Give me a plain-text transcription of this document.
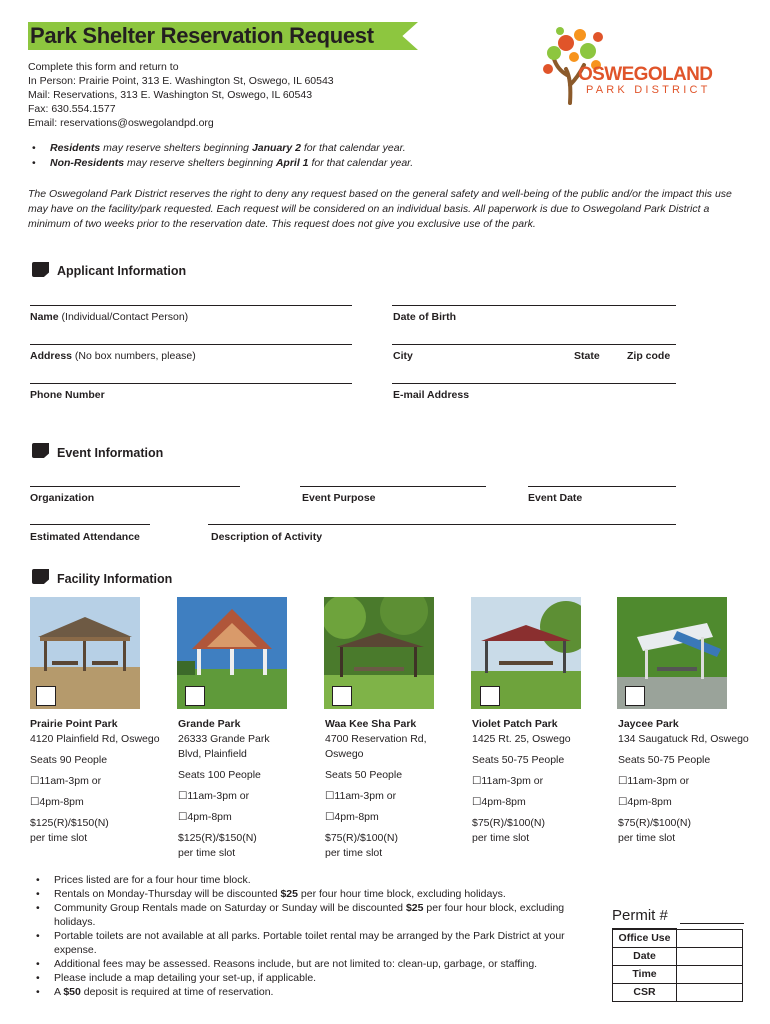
Park Shelter Reservation Request
Complete this form and return to
In Person: Prairie Point, 313 E. Washington St, Oswego, IL 60543
Mail: Reservations, 313 E. Washington St, Oswego, IL 60543
Fax: 630.554.1577
Email: reservations@oswegolandpd.org
OSWEGOLAND
PARK DISTRICT
• Residents may reserve shelters beginning January 2 for that calendar year.
• Non-Residents may reserve shelters beginning April 1 for that calendar year.
The Oswegoland Park District reserves the right to deny any request based on the general safety and well-being of the public and/or the impact this use may have on the facility/park requested. Each request will be considered on an individual basis. All paperwork is due to Oswegoland Park District a minimum of two weeks prior to the reservation date. This request does not give you exclusive use of the park.
Applicant Information
Name (Individual/Contact Person)	Date of Birth
Address (No box numbers, please)	City	State	Zip code
Phone Number	E-mail Address
Event Information
Organization	Event Purpose	Event Date
Estimated Attendance	Description of Activity
Facility Information
Prairie Point Park
4120 Plainfield Rd, Oswego
Seats 90 People
☐11am-3pm or
☐4pm-8pm
$125(R)/$150(N)
per time slot
Grande Park
26333 Grande Park
Blvd, Plainfield
Seats 100 People
☐11am-3pm or
☐4pm-8pm
$125(R)/$150(N)
per time slot
Waa Kee Sha Park
4700 Reservation Rd,
Oswego
Seats 50 People
☐11am-3pm or
☐4pm-8pm
$75(R)/$100(N)
per time slot
Violet Patch Park
1425 Rt. 25, Oswego
Seats 50-75 People
☐11am-3pm or
☐4pm-8pm
$75(R)/$100(N)
per time slot
Jaycee Park
134 Saugatuck Rd, Oswego
Seats 50-75 People
☐11am-3pm or
☐4pm-8pm
$75(R)/$100(N)
per time slot
• Prices listed are for a four hour time block.
• Rentals on Monday-Thursday will be discounted $25 per four hour time block, excluding holidays.
• Community Group Rentals made on Saturday or Sunday will be discounted $25 per four hour block, excluding holidays.
• Portable toilets are not available at all parks. Portable toilet rental may be arranged by the Park District at your expense.
• Additional fees may be assessed. Reasons include, but are not limited to: clean-up, garbage, or staffing.
• Please include a map detailing your set-up, if applicable.
• A $50 deposit is required at time of reservation.
Permit #
Office Use	
Date	
Time	
CSR	
